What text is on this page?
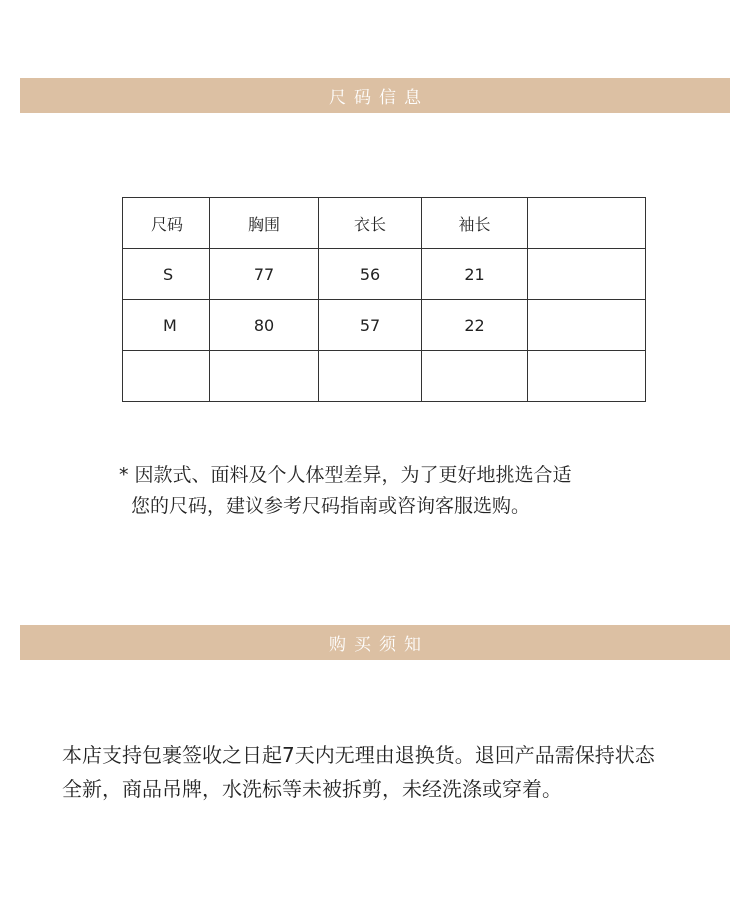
尺码信息
尺码	胸围	衣长	袖长	
S	77	56	21	
M	80	57	22	

* 因款式、面料及个人体型差异，为了更好地挑选合适
您的尺码，建议参考尺码指南或咨询客服选购。
购买须知
本店支持包裹签收之日起7天内无理由退换货。退回产品需保持状态
全新，商品吊牌，水洗标等未被拆剪，未经洗涤或穿着。
